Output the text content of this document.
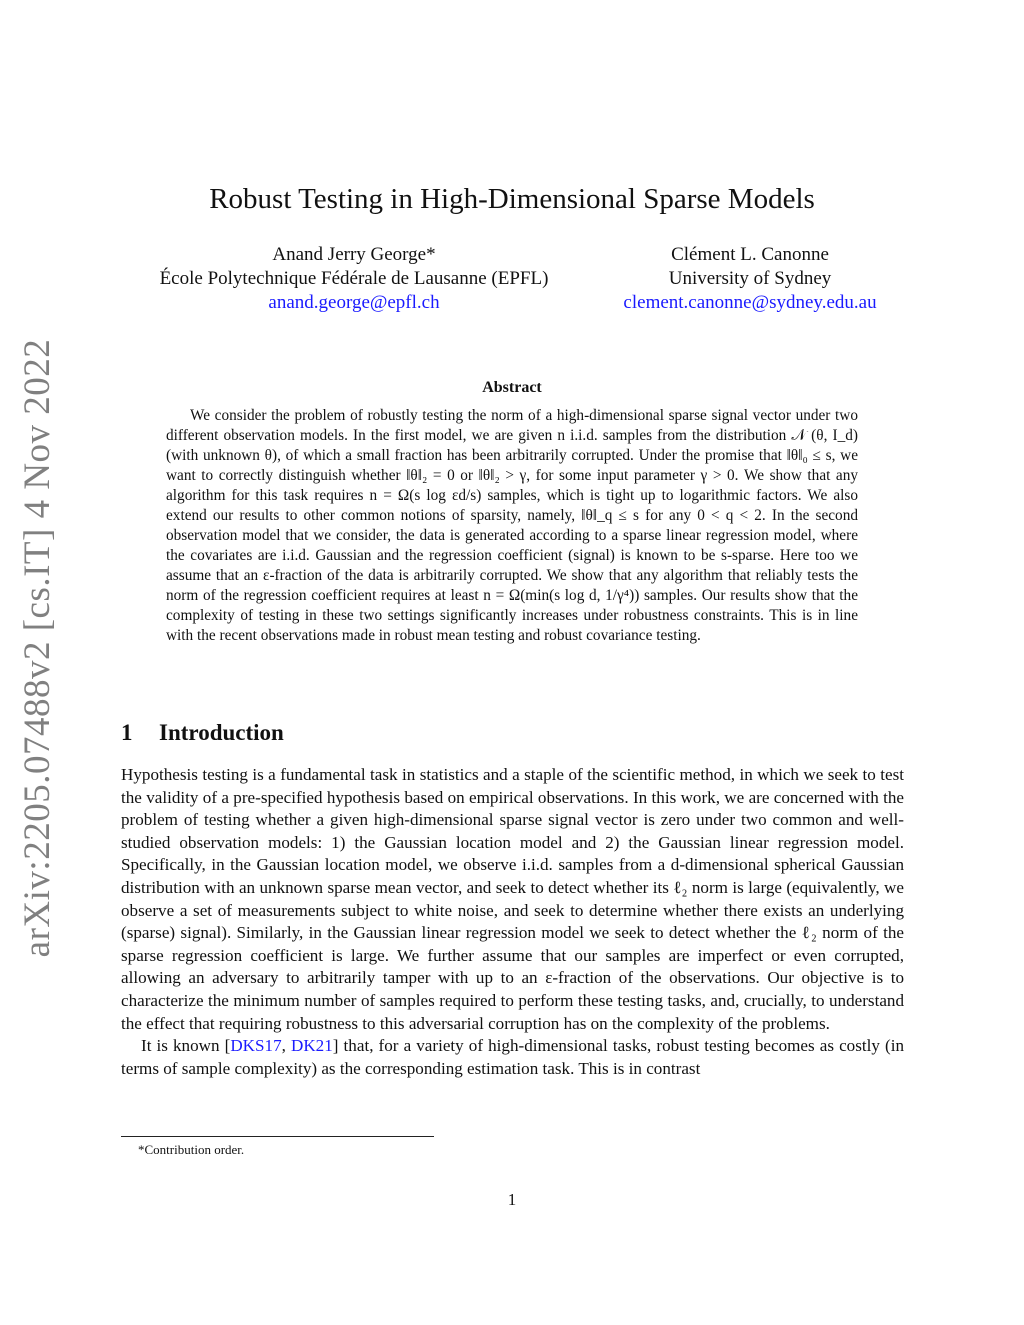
arXiv:2205.07488v2 [cs.IT] 4 Nov 2022
Robust Testing in High-Dimensional Sparse Models
Anand Jerry George*
École Polytechnique Fédérale de Lausanne (EPFL)
anand.george@epfl.ch
Clément L. Canonne
University of Sydney
clement.canonne@sydney.edu.au
Abstract
We consider the problem of robustly testing the norm of a high-dimensional sparse signal vector under two different observation models. In the first model, we are given n i.i.d. samples from the distribution 𝒩 (θ, I_d) (with unknown θ), of which a small fraction has been arbitrarily corrupted. Under the promise that ‖θ‖₀ ≤ s, we want to correctly distinguish whether ‖θ‖₂ = 0 or ‖θ‖₂ > γ, for some input parameter γ > 0. We show that any algorithm for this task requires n = Ω(s log εd/s) samples, which is tight up to logarithmic factors. We also extend our results to other common notions of sparsity, namely, ‖θ‖_q ≤ s for any 0 < q < 2. In the second observation model that we consider, the data is generated according to a sparse linear regression model, where the covariates are i.i.d. Gaussian and the regression coefficient (signal) is known to be s-sparse. Here too we assume that an ε-fraction of the data is arbitrarily corrupted. We show that any algorithm that reliably tests the norm of the regression coefficient requires at least n = Ω(min(s log d, 1/γ⁴)) samples. Our results show that the complexity of testing in these two settings significantly increases under robustness constraints. This is in line with the recent observations made in robust mean testing and robust covariance testing.
1 Introduction

Hypothesis testing is a fundamental task in statistics and a staple of the scientific method, in which we seek to test the validity of a pre-specified hypothesis based on empirical observations. In this work, we are concerned with the problem of testing whether a given high-dimensional sparse signal vector is zero under two common and well-studied observation models: 1) the Gaussian location model and 2) the Gaussian linear regression model. Specifically, in the Gaussian location model, we observe i.i.d. samples from a d-dimensional spherical Gaussian distribution with an unknown sparse mean vector, and seek to detect whether its ℓ₂ norm is large (equivalently, we observe a set of measurements subject to white noise, and seek to determine whether there exists an underlying (sparse) signal). Similarly, in the Gaussian linear regression model we seek to detect whether the ℓ₂ norm of the sparse regression coefficient is large. We further assume that our samples are imperfect or even corrupted, allowing an adversary to arbitrarily tamper with up to an ε-fraction of the observations. Our objective is to characterize the minimum number of samples required to perform these testing tasks, and, crucially, to understand the effect that requiring robustness to this adversarial corruption has on the complexity of the problems.

It is known [DKS17, DK21] that, for a variety of high-dimensional tasks, robust testing becomes as costly (in terms of sample complexity) as the corresponding estimation task. This is in contrast

*Contribution order.
1
